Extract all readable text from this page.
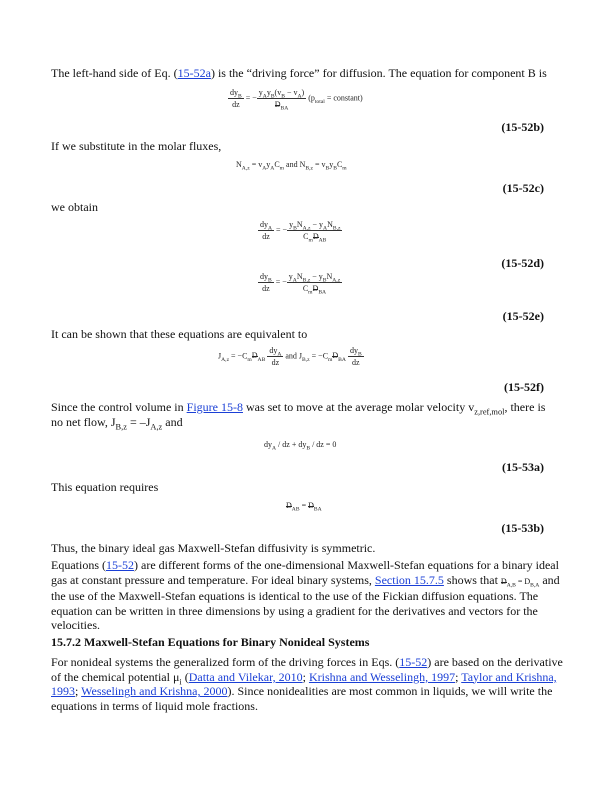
The left-hand side of Eq. (15-52a) is the “driving force” for diffusion. The equation for component B is
$\frac{dy_B}{dz}$ = − $\frac{y_Ay_B(v_B - v_A)}{D_{BA}} (p_{total}$ = constant)
(15-52b)
If we substitute in the molar fluxes,
$N_{A,z} = v_Ay_AC_m$ and $N_{B,z} = v_By_BC_m$
(15-52c)
we obtain
$\frac{dy_A}{dz}$ = − $\frac{y_BN_{A,z} - y_AN_{B,z}}{C_mD_{AB}}$
(15-52d)
$\frac{dy_B}{dz}$ = − $\frac{y_AN_{B,z} - y_BN_{A,z}}{C_mD_{BA}}$
(15-52e)
It can be shown that these equations are equivalent to
$J_{A,z} = -C_mD_{AB} \frac{dy_A}{dz}$ and $J_{B,z} = -C_mD_{BA} \frac{dy_B}{dz}$
(15-52f)
Since the control volume in Figure 15-8 was set to move at the average molar velocity $v_{z,ref,mol}$, there is
no net flow, $J_{B,z} = -J_{A,z}$ and
$dy_A$ / dz + $dy_B$ / dz = 0
(15-53a)
This equation requires
$D_{AB} = D_{BA}$
(15-53b)
Thus, the binary ideal gas Maxwell-Stefan diffusivity is symmetric.
Equations (15-52) are different forms of the one-dimensional Maxwell-Stefan equations for a binary ideal gas at constant pressure and temperature. For ideal binary systems, Section 15.7.5 shows that $D_{A,B} = D_{B,A}$ and the use of the Maxwell-Stefan equations is identical to the use of the Fickian diffusion equations. The equation can be written in three dimensions by using a gradient for the derivatives and vectors for the velocities.
15.7.2 Maxwell-Stefan Equations for Binary Nonideal Systems
For nonideal systems the generalized form of the driving forces in Eqs. (15-52) are based on the derivative of the chemical potential $\mu_i$ (Datta and Vilekar, 2010; Krishna and Wesselingh, 1997; Taylor and Krishna, 1993; Wesselingh and Krishna, 2000). Since nonidealities are most common in liquids, we will write the equations in terms of liquid mole fractions.
